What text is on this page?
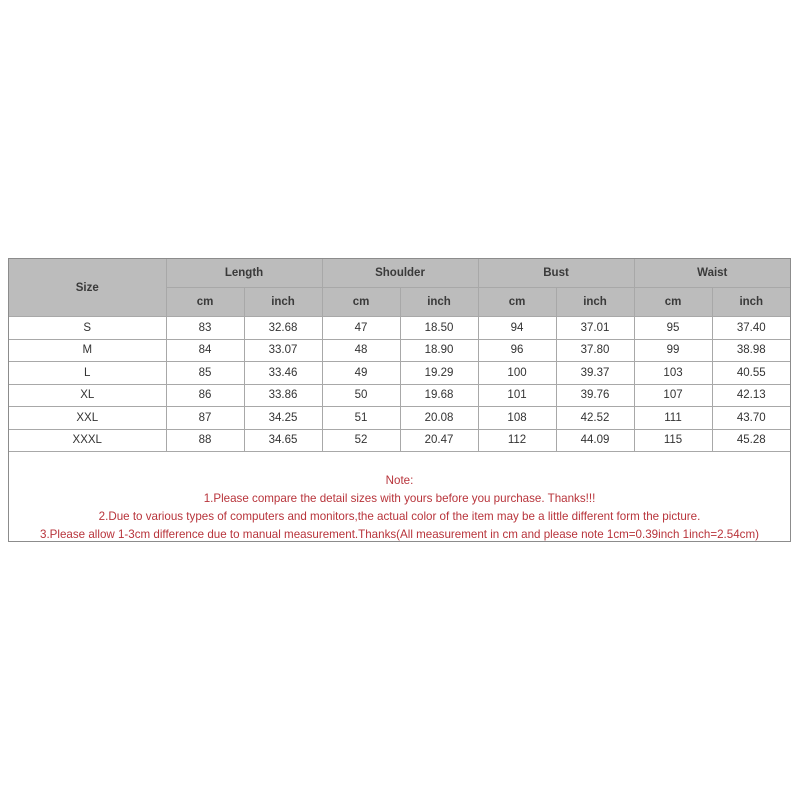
Size	Length		Shoulder		Bust		Waist	
	cm	inch	cm	inch	cm	inch	cm	inch
S	83	32.68	47	18.50	94	37.01	95	37.40
M	84	33.07	48	18.90	96	37.80	99	38.98
L	85	33.46	49	19.29	100	39.37	103	40.55
XL	86	33.86	50	19.68	101	39.76	107	42.13
XXL	87	34.25	51	20.08	108	42.52	111	43.70
XXXL	88	34.65	52	20.47	112	44.09	115	45.28
Note:
1.Please compare the detail sizes with yours before you purchase. Thanks!!!
2.Due to various types of computers and monitors,the actual color of the item may be a little different form the picture.
3.Please allow 1-3cm difference due to manual measurement.Thanks(All measurement in cm and please note 1cm=0.39inch 1inch=2.54cm)
